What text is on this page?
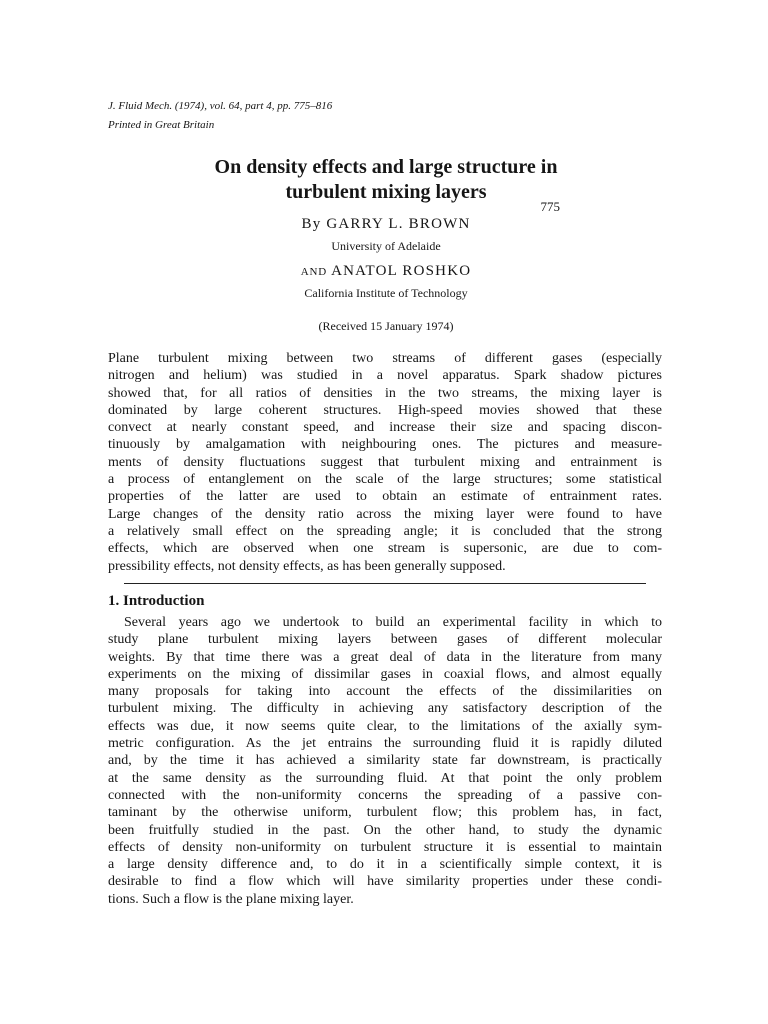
J. Fluid Mech. (1974), vol. 64, part 4, pp. 775–816
775
Printed in Great Britain
On density effects and large structure in
turbulent mixing layers
By GARRY L. BROWN
University of Adelaide
AND ANATOL ROSHKO
California Institute of Technology
(Received 15 January 1974)
Plane turbulent mixing between two streams of different gases (especially
nitrogen and helium) was studied in a novel apparatus. Spark shadow pictures
showed that, for all ratios of densities in the two streams, the mixing layer is
dominated by large coherent structures. High-speed movies showed that these
convect at nearly constant speed, and increase their size and spacing discon-
tinuously by amalgamation with neighbouring ones. The pictures and measure-
ments of density fluctuations suggest that turbulent mixing and entrainment is
a process of entanglement on the scale of the large structures; some statistical
properties of the latter are used to obtain an estimate of entrainment rates.
Large changes of the density ratio across the mixing layer were found to have
a relatively small effect on the spreading angle; it is concluded that the strong
effects, which are observed when one stream is supersonic, are due to com-
pressibility effects, not density effects, as has been generally supposed.
1. Introduction
Several years ago we undertook to build an experimental facility in which to
study plane turbulent mixing layers between gases of different molecular
weights. By that time there was a great deal of data in the literature from many
experiments on the mixing of dissimilar gases in coaxial flows, and almost equally
many proposals for taking into account the effects of the dissimilarities on
turbulent mixing. The difficulty in achieving any satisfactory description of the
effects was due, it now seems quite clear, to the limitations of the axially sym-
metric configuration. As the jet entrains the surrounding fluid it is rapidly diluted
and, by the time it has achieved a similarity state far downstream, is practically
at the same density as the surrounding fluid. At that point the only problem
connected with the non-uniformity concerns the spreading of a passive con-
taminant by the otherwise uniform, turbulent flow; this problem has, in fact,
been fruitfully studied in the past. On the other hand, to study the dynamic
effects of density non-uniformity on turbulent structure it is essential to maintain
a large density difference and, to do it in a scientifically simple context, it is
desirable to find a flow which will have similarity properties under these condi-
tions. Such a flow is the plane mixing layer.
